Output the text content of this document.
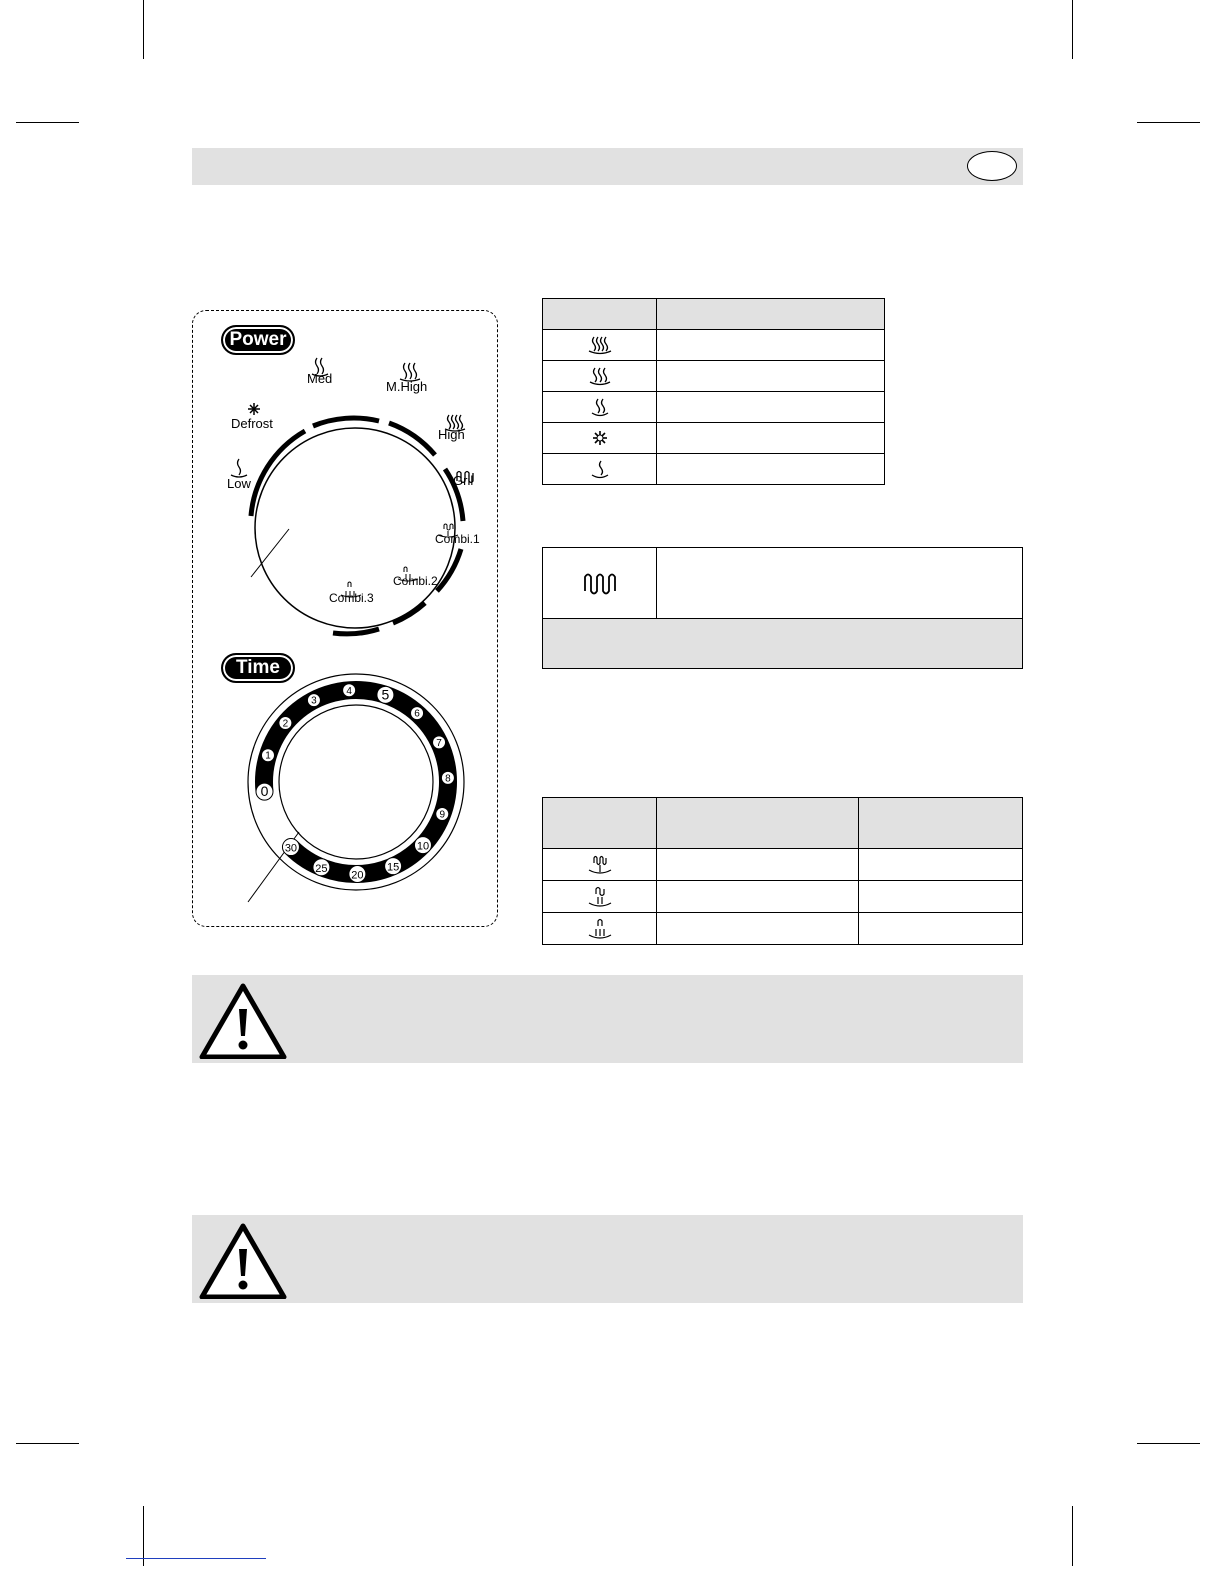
Power
Med
M.High
Defrost
High
Gril
Low
Combi.1
Combi.2
Combi.3
Time
0
1
2
3
4 5
6
7
8
9
10
15
20
25
30
